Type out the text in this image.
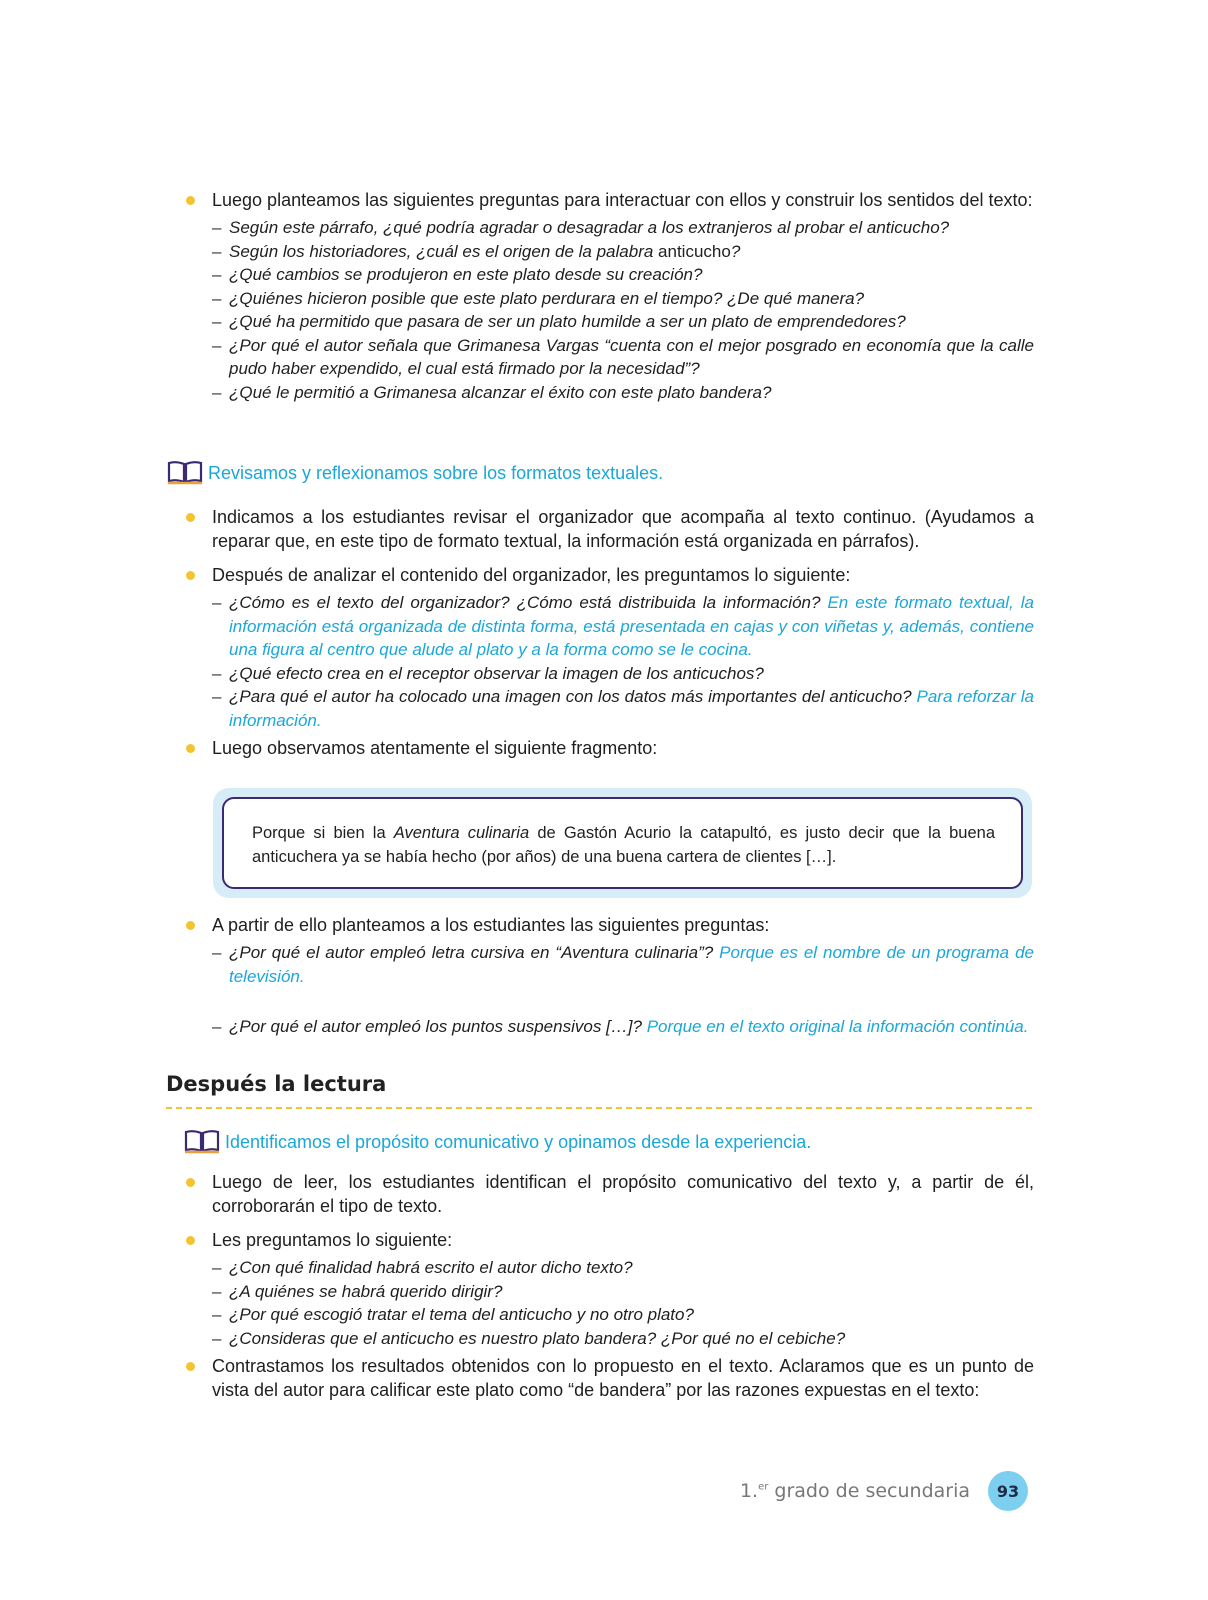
Luego planteamos las siguientes preguntas para interactuar con ellos y construir los sentidos del texto:
– Según este párrafo, ¿qué podría agradar o desagradar a los extranjeros al probar el anticucho?
– Según los historiadores, ¿cuál es el origen de la palabra anticucho?
– ¿Qué cambios se produjeron en este plato desde su creación?
– ¿Quiénes hicieron posible que este plato perdurara en el tiempo? ¿De qué manera?
– ¿Qué ha permitido que pasara de ser un plato humilde a ser un plato de emprendedores?
– ¿Por qué el autor señala que Grimanesa Vargas “cuenta con el mejor posgrado en economía que la calle pudo haber expendido, el cual está firmado por la necesidad”?
– ¿Qué le permitió a Grimanesa alcanzar el éxito con este plato bandera?
Revisamos y reflexionamos sobre los formatos textuales.
Indicamos a los estudiantes revisar el organizador que acompaña al texto continuo. (Ayudamos a reparar que, en este tipo de formato textual, la información está organizada en párrafos).
Después de analizar el contenido del organizador, les preguntamos lo siguiente:
– ¿Cómo es el texto del organizador? ¿Cómo está distribuida la información? En este formato textual, la información está organizada de distinta forma, está presentada en cajas y con viñetas y, además, contiene una figura al centro que alude al plato y a la forma como se le cocina.
– ¿Qué efecto crea en el receptor observar la imagen de los anticuchos?
– ¿Para qué el autor ha colocado una imagen con los datos más importantes del anticucho? Para reforzar la información.
Luego observamos atentamente el siguiente fragmento:
Porque si bien la Aventura culinaria de Gastón Acurio la catapultó, es justo decir que la buena anticuchera ya se había hecho (por años) de una buena cartera de clientes […].
A partir de ello planteamos a los estudiantes las siguientes preguntas:
– ¿Por qué el autor empleó letra cursiva en “Aventura culinaria”? Porque es el nombre de un programa de televisión.
– ¿Por qué el autor empleó los puntos suspensivos […]? Porque en el texto original la información continúa.
Después la lectura
Identificamos el propósito comunicativo y opinamos desde la experiencia.
Luego de leer, los estudiantes identifican el propósito comunicativo del texto y, a partir de él, corroborarán el tipo de texto.
Les preguntamos lo siguiente:
– ¿Con qué finalidad habrá escrito el autor dicho texto?
– ¿A quiénes se habrá querido dirigir?
– ¿Por qué escogió tratar el tema del anticucho y no otro plato?
– ¿Consideras que el anticucho es nuestro plato bandera? ¿Por qué no el cebiche?
Contrastamos los resultados obtenidos con lo propuesto en el texto. Aclaramos que es un punto de vista del autor para calificar este plato como “de bandera” por las razones expuestas en el texto:
1.$^{er}$ grado de secundaria	93
